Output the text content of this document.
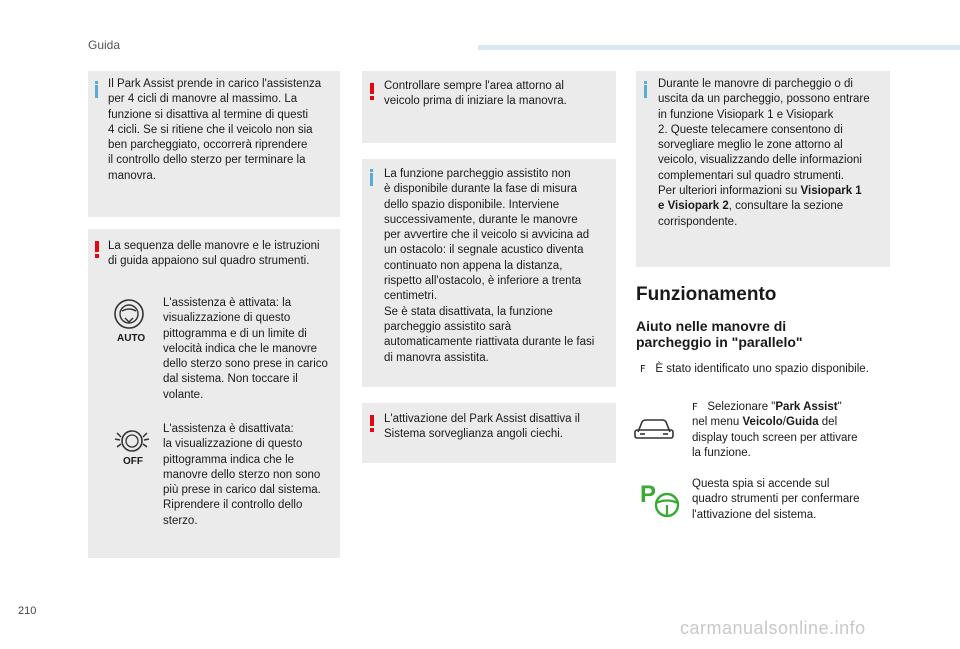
Guida
Il Park Assist prende in carico l'assistenza
per 4 cicli di manovre al massimo. La
funzione si disattiva al termine di questi
4 cicli. Se si ritiene che il veicolo non sia
ben parcheggiato, occorrerà riprendere
il controllo dello sterzo per terminare la
manovra.
La sequenza delle manovre e le istruzioni
di guida appaiono sul quadro strumenti.
AUTO
L'assistenza è attivata: la
visualizzazione di questo
pittogramma e di un limite di
velocità indica che le manovre
dello sterzo sono prese in carico
dal sistema. Non toccare il
volante.
OFF
L'assistenza è disattivata:
la visualizzazione di questo
pittogramma indica che le
manovre dello sterzo non sono
più prese in carico dal sistema.
Riprendere il controllo dello
sterzo.
Controllare sempre l'area attorno al
veicolo prima di iniziare la manovra.
La funzione parcheggio assistito non
è disponibile durante la fase di misura
dello spazio disponibile. Interviene
successivamente, durante le manovre
per avvertire che il veicolo si avvicina ad
un ostacolo: il segnale acustico diventa
continuato non appena la distanza,
rispetto all'ostacolo, è inferiore a trenta
centimetri.
Se è stata disattivata, la funzione
parcheggio assistito sarà
automaticamente riattivata durante le fasi
di manovra assistita.
L'attivazione del Park Assist disattiva il
Sistema sorveglianza angoli ciechi.
Durante le manovre di parcheggio o di
uscita da un parcheggio, possono entrare
in funzione Visiopark 1 e Visiopark
2. Queste telecamere consentono di
sorvegliare meglio le zone attorno al
veicolo, visualizzando delle informazioni
complementari sul quadro strumenti.
Per ulteriori informazioni su Visiopark 1
e Visiopark 2, consultare la sezione
corrispondente.
Funzionamento
Aiuto nelle manovre di
parcheggio in "parallelo"
F È stato identificato uno spazio disponibile.
F Selezionare "Park Assist"
nel menu Veicolo/Guida del
display touch screen per attivare
la funzione.
P	Questa spia si accende sul
quadro strumenti per confermare
l'attivazione del sistema.
210
carmanualsonline.info
